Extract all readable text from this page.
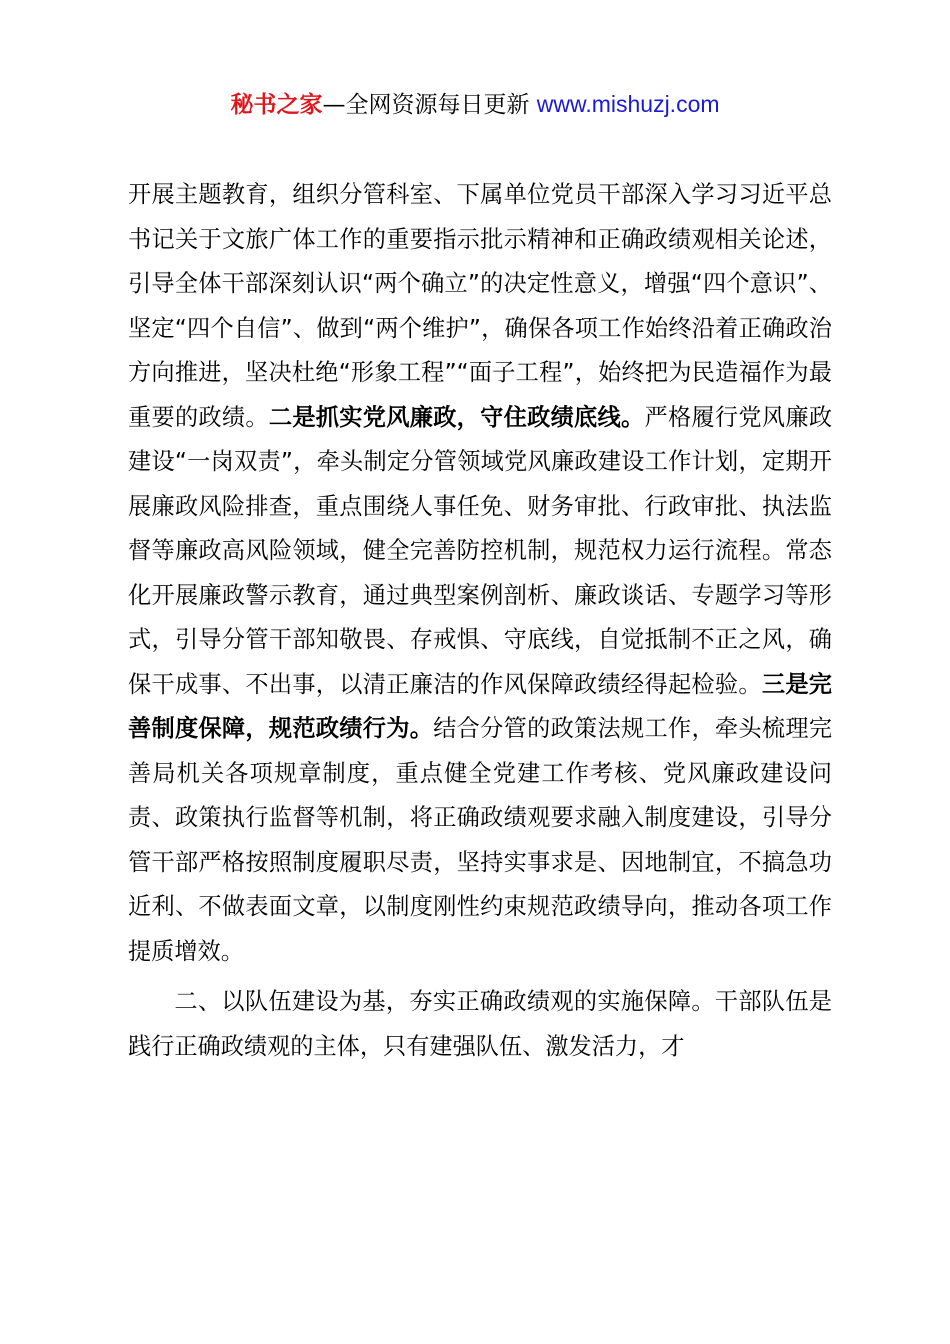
秘书之家—全网资源每日更新 www.mishuzj.com

开展主题教育，组织分管科室、下属单位党员干部深入学习习近平总书记关于文旅广体工作的重要指示批示精神和正确政绩观相关论述，引导全体干部深刻认识“两个确立”的决定性意义，增强“四个意识”、坚定“四个自信”、做到“两个维护”，确保各项工作始终沿着正确政治方向推进，坚决杜绝“形象工程”“面子工程”，始终把为民造福作为最重要的政绩。二是抓实党风廉政，守住政绩底线。严格履行党风廉政建设“一岗双责”，牵头制定分管领域党风廉政建设工作计划，定期开展廉政风险排查，重点围绕人事任免、财务审批、行政审批、执法监督等廉政高风险领域，健全完善防控机制，规范权力运行流程。常态化开展廉政警示教育，通过典型案例剖析、廉政谈话、专题学习等形式，引导分管干部知敬畏、存戒惧、守底线，自觉抵制不正之风，确保干成事、不出事，以清正廉洁的作风保障政绩经得起检验。三是完善制度保障，规范政绩行为。结合分管的政策法规工作，牵头梳理完善局机关各项规章制度，重点健全党建工作考核、党风廉政建设问责、政策执行监督等机制，将正确政绩观要求融入制度建设，引导分管干部严格按照制度履职尽责，坚持实事求是、因地制宜，不搞急功近利、不做表面文章，以制度刚性约束规范政绩导向，推动各项工作提质增效。

二、以队伍建设为基，夯实正确政绩观的实施保障。干部队伍是践行正确政绩观的主体，只有建强队伍、激发活力，才
